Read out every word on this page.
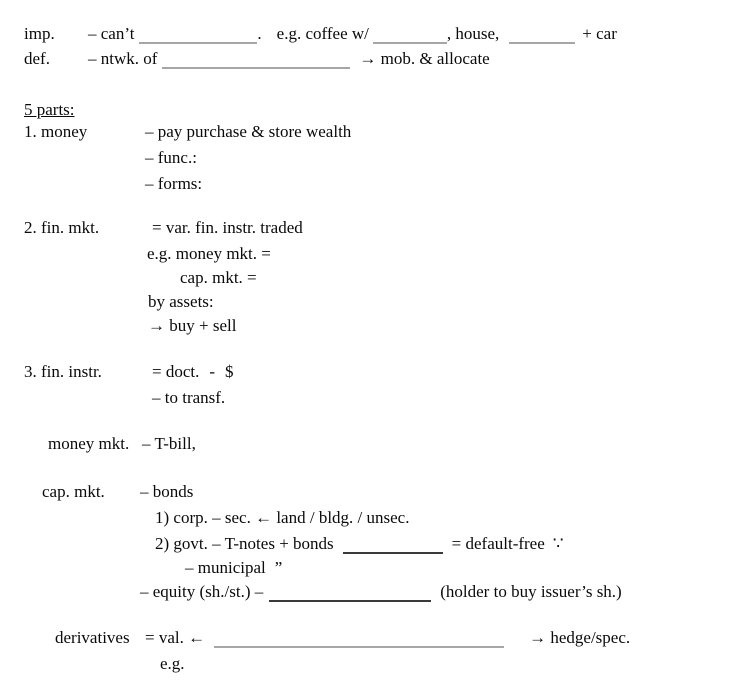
imp.	– can’t	. e.g. coffee w/	, house,	+ car
def.	– ntwk. of	→ mob. & allocate
5 parts:
1. money	– pay purchase & store wealth
– func.:
– forms:
2. fin. mkt.	= var. fin. instr. traded
e.g. money mkt. =
cap. mkt. =
by assets:
→ buy + sell
3. fin. instr.	= doct. - $
– to transf.
money mkt. – T-bill,
cap. mkt.	– bonds
1) corp. – sec. ← land / bldg. / unsec.
2) govt. – T-notes + bonds	= default-free ∵
– municipal ”
– equity (sh./st.) –	(holder to buy issuer’s sh.)
derivatives = val. ←	→ hedge/spec.
e.g.
